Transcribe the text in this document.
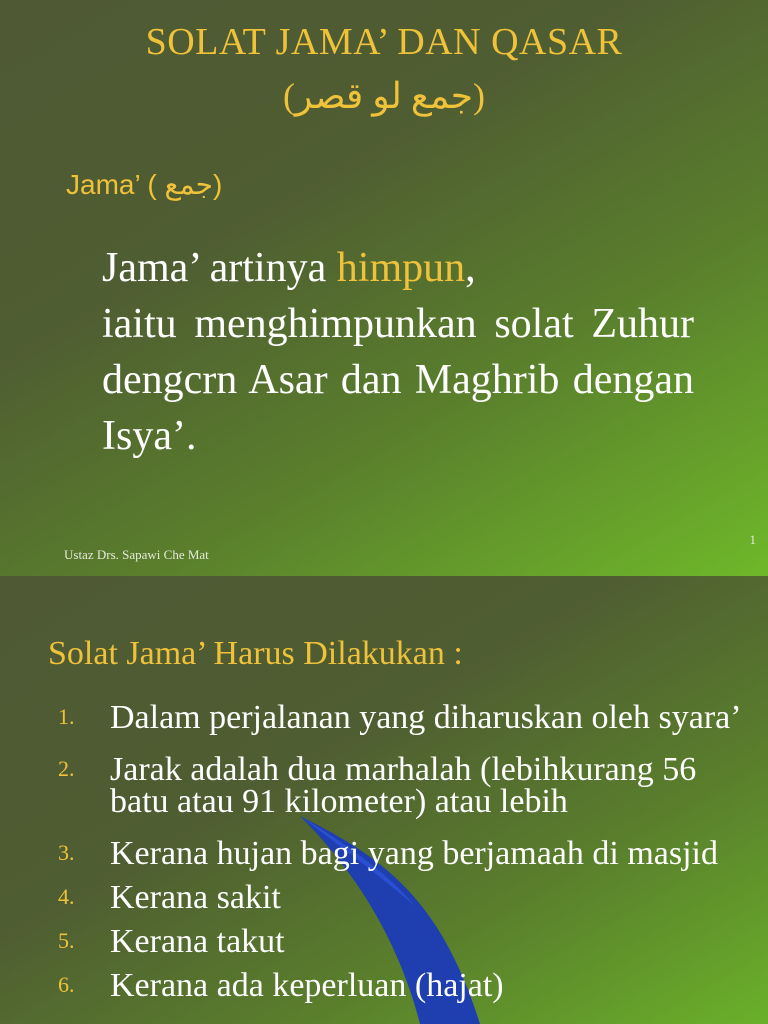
SOLAT JAMA’ DAN QASAR
(جمع لو قصر)
Jama’ ( جمع)

Jama’ artinya himpun,

iaitu menghimpunkan solat Zuhur dengcrn Asar dan Maghrib dengan Isya’.

Ustaz Drs. Sapawi Che Mat
1
Solat Jama’ Harus Dilakukan :
1.	Dalam perjalanan yang diharuskan oleh syara’
2.	Jarak adalah dua marhalah (lebihkurang 56 batu atau 91 kilometer) atau lebih
3.	Kerana hujan bagi yang berjamaah di masjid
4.	Kerana sakit
5.	Kerana takut
6.	Kerana ada keperluan (hajat)
